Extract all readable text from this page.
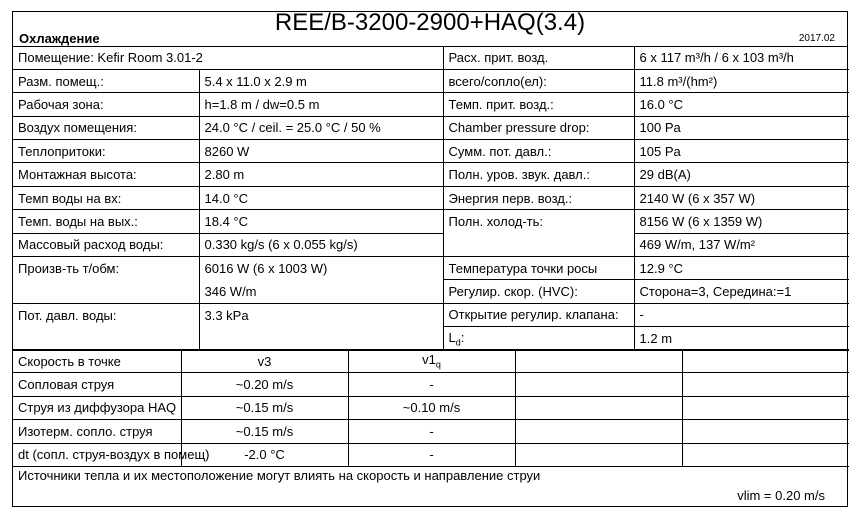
Охлаждение
REE/B-3200-2900+HAQ(3.4)
2017.02
Помещение: Kefir Room 3.01-2		Расх. прит. возд.	6 x 117 m³/h / 6 x 103 m³/h
Разм. помещ.:	5.4 x 11.0 x 2.9 m	всего/сопло(ел):	11.8 m³/(hm²)
Рабочая зона:	h=1.8 m / dw=0.5 m	Темп. прит. возд.:	16.0 °C
Воздух помещения:	24.0 °C / ceil. = 25.0 °C / 50 %	Chamber pressure drop:	100 Pa
Теплопритоки:	8260 W	Сумм. пот. давл.:	105 Pa
Монтажная высота:	2.80 m	Полн. уров. звук. давл.:	29 dB(A)
Темп воды на вх:	14.0 °C	Энергия перв. возд.:	2140 W (6 x 357 W)
Темп. воды на вых.:	18.4 °C	Полн. холод-ть:	8156 W (6 x 1359 W)
Массовый расход воды:	0.330 kg/s (6 x 0.055 kg/s)		469 W/m, 137 W/m²
Произв-ть т/обм:	6016 W (6 x 1003 W)	Температура точки росы	12.9 °C
	346 W/m	Регулир. скор. (HVC):	Сторона=3, Середина:=1
Пот. давл. воды:	3.3 kPa	Открытие регулир. клапана:	-
		$L_d$:	1.2 m
Скорость в точке	v3	$v1_q$		
Сопловая струя	~0.20 m/s	-		
Струя из диффузора HAQ	~0.15 m/s	~0.10 m/s		
Изотерм. сопло. струя	~0.15 m/s	-		
dt (сопл. струя-воздух в помещ)	-2.0 °C	-		
Источники тепла и их местоположение могут влиять на скорость и направление струи
vlim = 0.20 m/s
